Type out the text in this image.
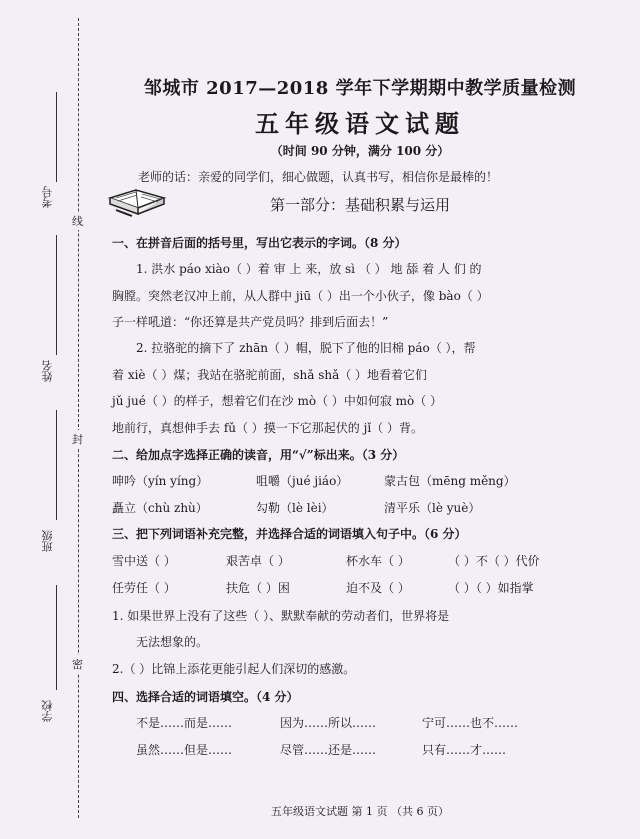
考号
姓名
班级
学校
线
封
密
邹城市 2017—2018 学年下学期期中教学质量检测
五年级语文试题
（时间 90 分钟，满分 100 分）
老师的话：亲爱的同学们，细心做题，认真书写，相信你是最棒的！
第一部分：基础积累与运用
一、在拼音后面的括号里，写出它表示的字词。（8 分）
1. 洪水 páo xiào（ ）着 审 上 来，放 sì （ ） 地 舔 着 人 们 的
胸膛。突然老汉冲上前，从人群中 jiū（ ）出一个小伙子，像 bào（ ）
子一样吼道：“你还算是共产党员吗？排到后面去！”
2. 拉骆驼的摘下了 zhān（ ）帽，脱下了他的旧棉 páo（ ），帮
着 xiè（ ）煤；我站在骆驼前面，shǎ shǎ（ ）地看着它们
jǔ jué（ ）的样子，想着它们在沙 mò（ ）中如何寂 mò（ ）
地前行，真想伸手去 fǔ（ ）摸一下它那起伏的 jǐ（ ）背。
二、给加点字选择正确的读音，用“√”标出来。（3 分）
呻吟（yín yíng）	咀嚼（jué jiáo）	蒙古包（mēng měng）
矗立（chù zhù）	勾勒（lè lèi）	清平乐（lè yuè）
三、把下列词语补充完整，并选择合适的词语填入句子中。（6 分）
雪中送（ ）	艰苦卓（ ）	杯水车（ ）	（ ）不（ ）代价
任劳任（ ）	扶危（ ）困	迫不及（ ）	（ ）（ ）如指掌
1. 如果世界上没有了这些（ ）、默默奉献的劳动者们，世界将是
无法想象的。
2.（ ）比锦上添花更能引起人们深切的感激。
四、选择合适的词语填空。（4 分）
不是……而是……	因为……所以……	宁可……也不……
虽然……但是……	尽管……还是……	只有……才……
五年级语文试题 第 1 页 （共 6 页）
